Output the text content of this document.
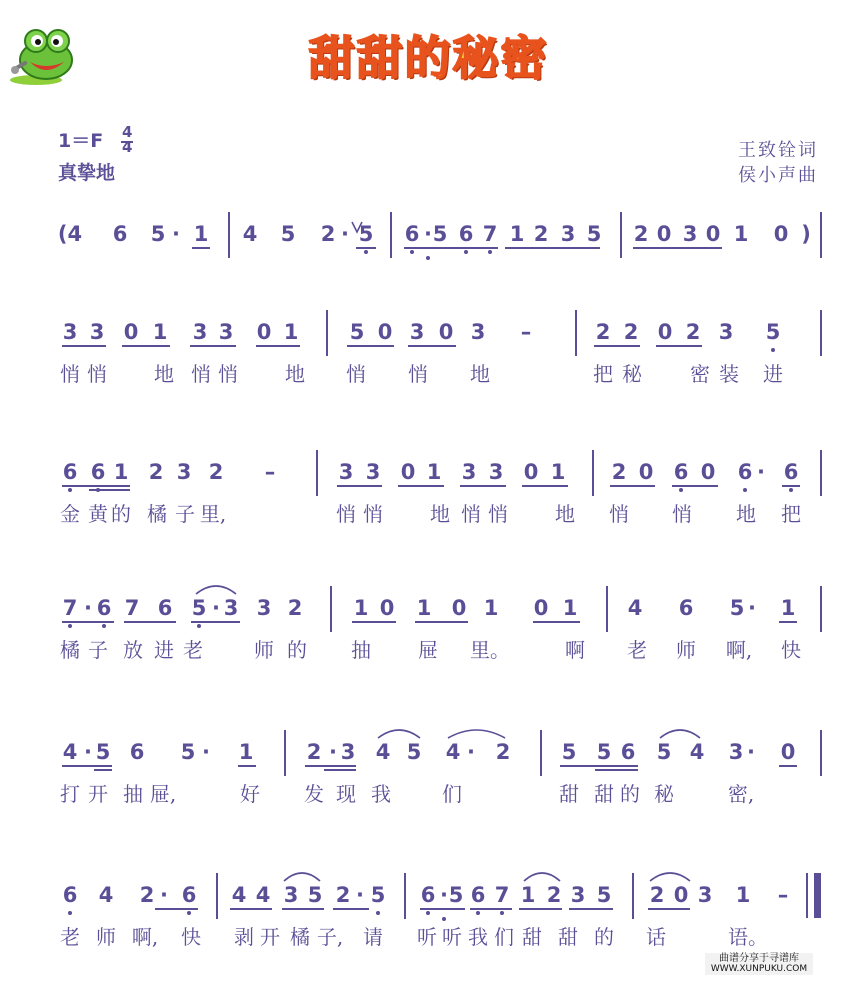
甜甜的秘密
1＝F 4
4
真挚地
王致铨词
侯小声曲
(4 6 5 · 1 4 5 2 · 5 6 · 5 6 7 1 2 3 5 2 0 3 0 1 0 )
3 3 0 1 3 3 0 1 5 0 3 0 3 –	2 2 0 2 3 5
悄 悄 地 悄 悄 地 悄 悄 地	把 秘 密 装 进
6 6 1 2 3 2 –	3 3 0 1 3 3 0 1 2 0 6 0 6 · 6
金 黄 的 橘 子 里,	悄 悄 地 悄 悄 地 悄 悄 地 把
7 · 6 7 6 5 · 3 3 2 1 0 1 0 1 0 1 4 6 5 · 1
橘 子 放 进 老	师 的 抽 屉 里。	啊 老 师 啊, 快
4 · 5 6 5 · 1	2 · 3 4 5 4 · 2 5 5 6 5 4 3 · 0
打 开 抽 屉,	好 发 现 我	们	甜 甜 的 秘	密,
6 4 2 · 6 4 4 3 5 2 · 5 6 · 5 6 7 1 2 3 5 2 0 3 1 –
老 师 啊, 快 剥 开 橘 子, 请 听 听 我 们 甜 甜 的 话	语。
曲谱分享于寻谱库
WWW.XUNPUKU.COM
